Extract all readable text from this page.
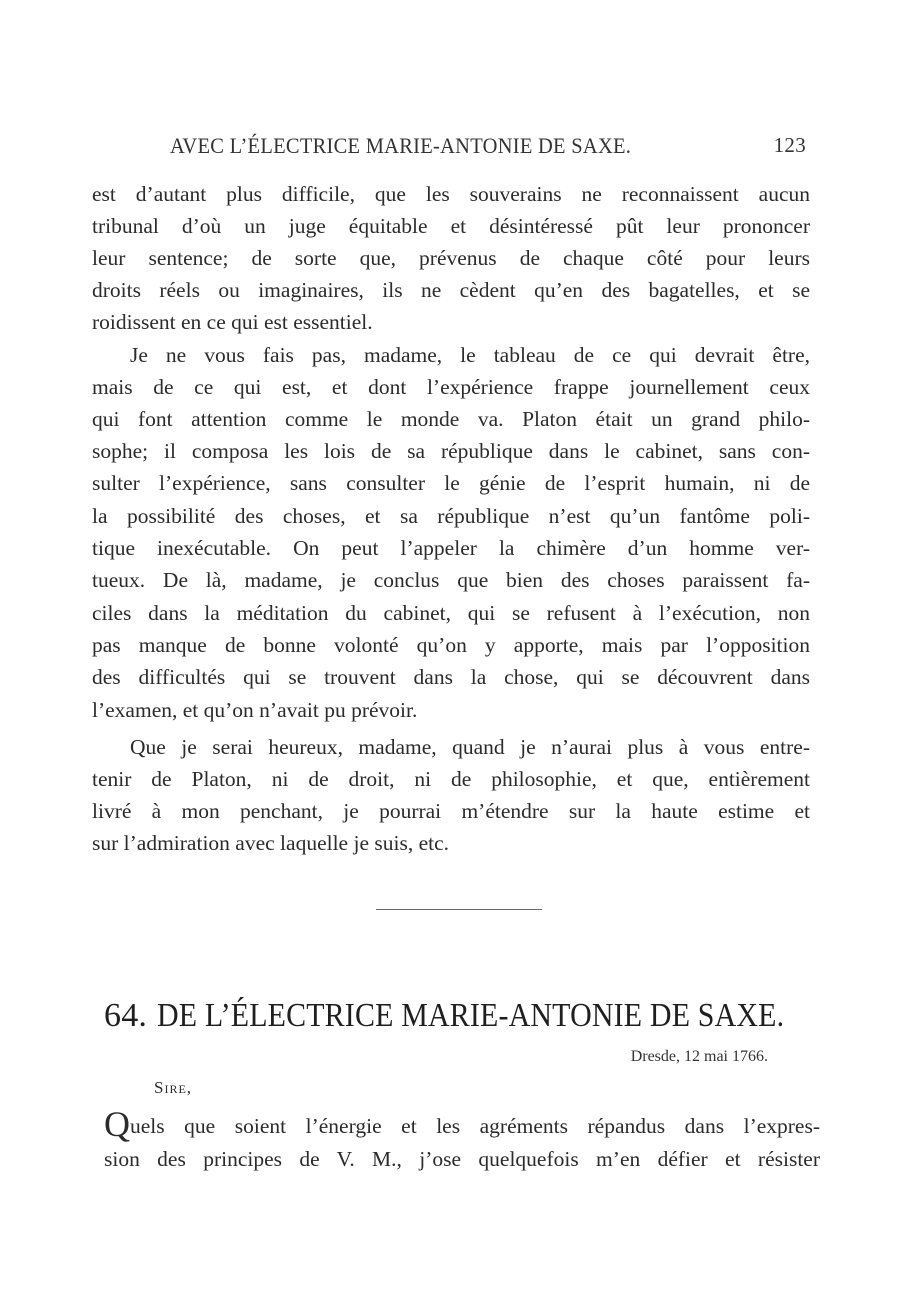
AVEC L’ÉLECTRICE MARIE-ANTONIE DE SAXE.	123
est d’autant plus difficile, que les souverains ne reconnaissent aucun
tribunal d’où un juge équitable et désintéressé pût leur prononcer
leur sentence; de sorte que, prévenus de chaque côté pour leurs
droits réels ou imaginaires, ils ne cèdent qu’en des bagatelles, et se
roidissent en ce qui est essentiel.
Je ne vous fais pas, madame, le tableau de ce qui devrait être,
mais de ce qui est, et dont l’expérience frappe journellement ceux
qui font attention comme le monde va. Platon était un grand philo-
sophe; il composa les lois de sa république dans le cabinet, sans con-
sulter l’expérience, sans consulter le génie de l’esprit humain, ni de
la possibilité des choses, et sa république n’est qu’un fantôme poli-
tique inexécutable. On peut l’appeler la chimère d’un homme ver-
tueux. De là, madame, je conclus que bien des choses paraissent fa-
ciles dans la méditation du cabinet, qui se refusent à l’exécution, non
pas manque de bonne volonté qu’on y apporte, mais par l’opposition
des difficultés qui se trouvent dans la chose, qui se découvrent dans
l’examen, et qu’on n’avait pu prévoir.
Que je serai heureux, madame, quand je n’aurai plus à vous entre-
tenir de Platon, ni de droit, ni de philosophie, et que, entièrement
livré à mon penchant, je pourrai m’étendre sur la haute estime et
sur l’admiration avec laquelle je suis, etc.
64. DE L’ÉLECTRICE MARIE-ANTONIE DE SAXE.
Dresde, 12 mai 1766.
Sire,
Quels que soient l’énergie et les agréments répandus dans l’expres-
sion des principes de V. M., j’ose quelquefois m’en défier et résister
